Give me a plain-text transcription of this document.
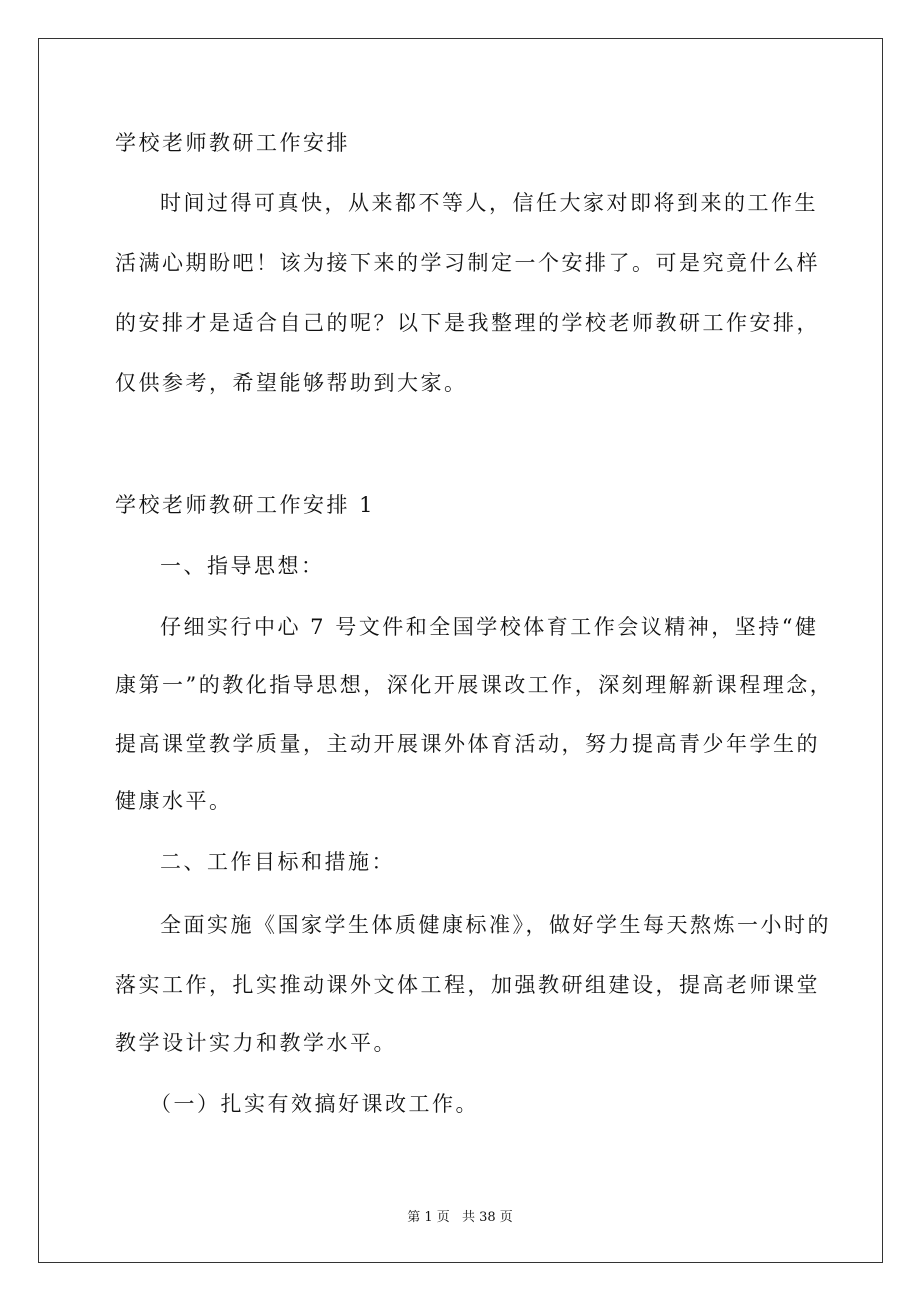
学校老师教研工作安排
时间过得可真快，从来都不等人，信任大家对即将到来的工作生
活满心期盼吧！该为接下来的学习制定一个安排了。可是究竟什么样
的安排才是适合自己的呢？以下是我整理的学校老师教研工作安排，
仅供参考，希望能够帮助到大家。
学校老师教研工作安排 1
一、指导思想：
仔细实行中心 7 号文件和全国学校体育工作会议精神，坚持“健
康第一”的教化指导思想，深化开展课改工作，深刻理解新课程理念，
提高课堂教学质量，主动开展课外体育活动，努力提高青少年学生的
健康水平。
二、工作目标和措施：
全面实施《国家学生体质健康标准》，做好学生每天熬炼一小时的
落实工作，扎实推动课外文体工程，加强教研组建设，提高老师课堂
教学设计实力和教学水平。
（一）扎实有效搞好课改工作。
第 1 页 共 38 页
